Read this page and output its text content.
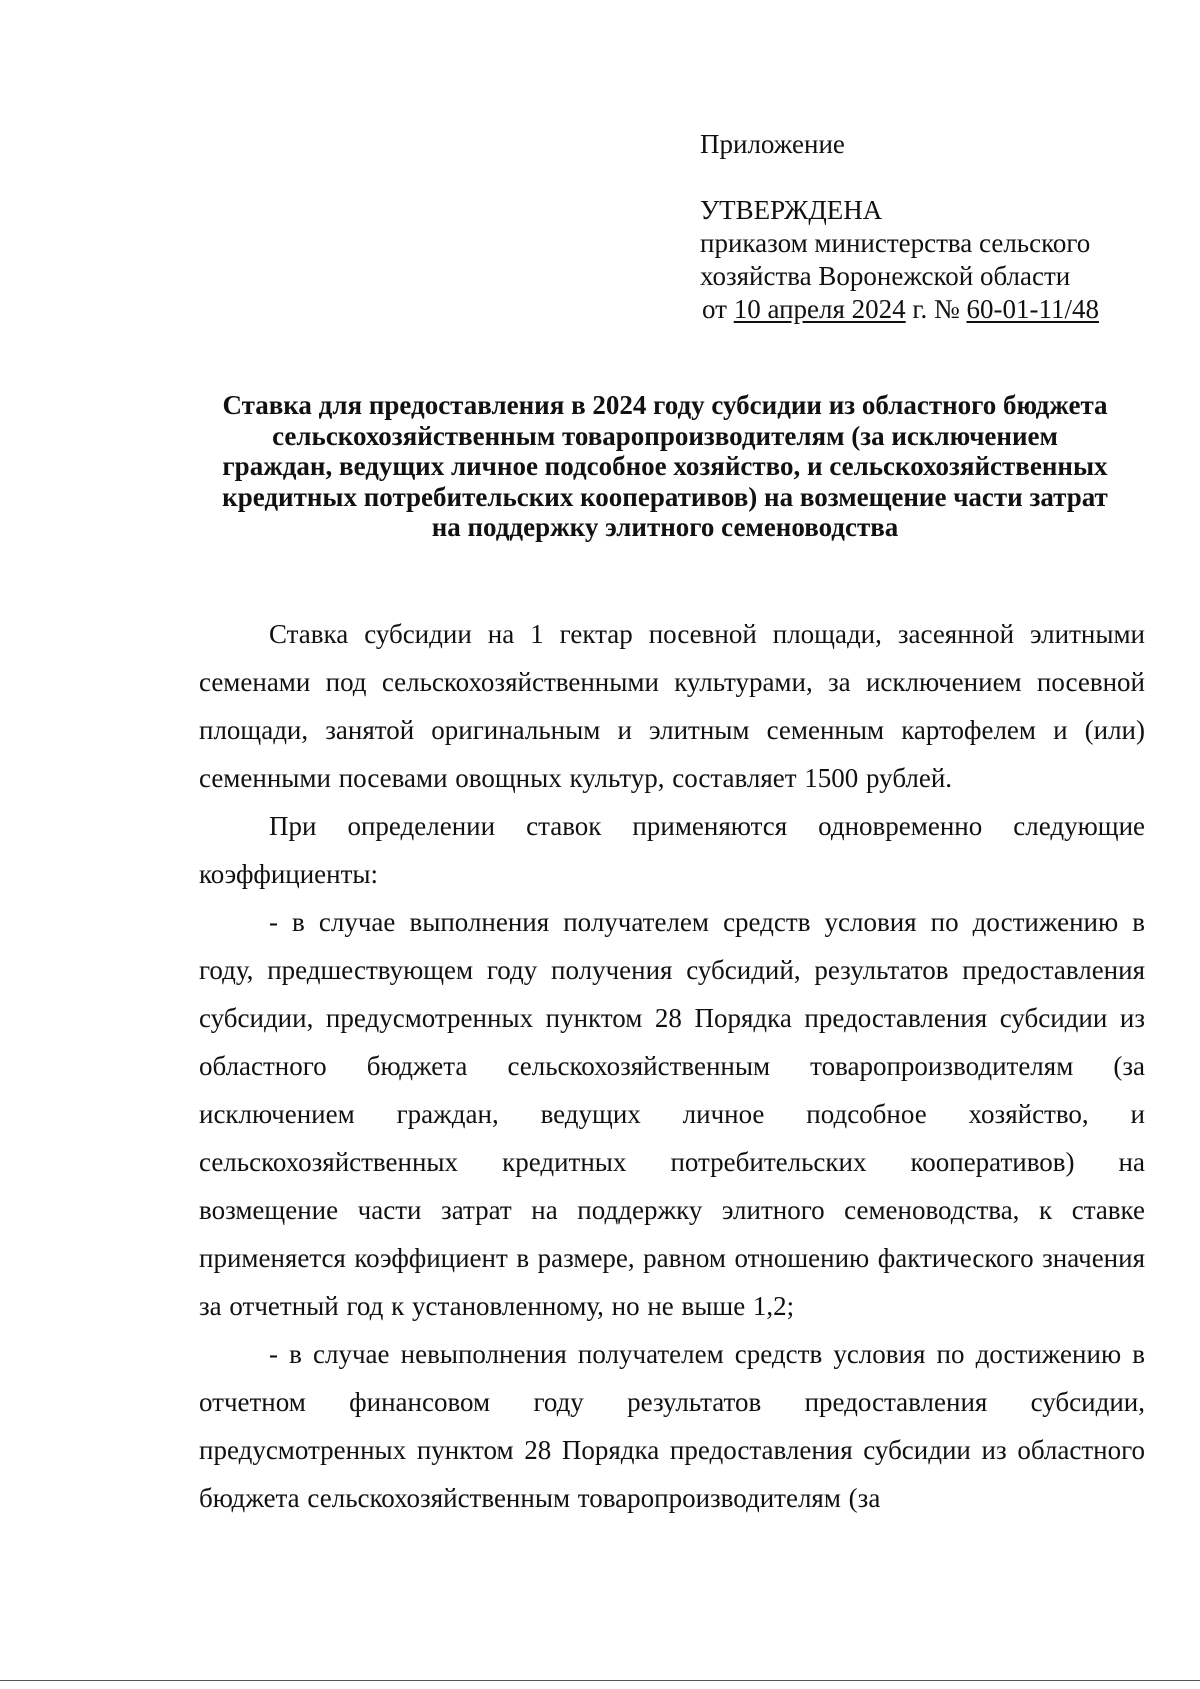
Приложение
УТВЕРЖДЕНА
приказом министерства сельского
хозяйства Воронежской области
от 10 апреля 2024 г. № 60-01-11/48
Ставка для предоставления в 2024 году субсидии из областного бюджета
сельскохозяйственным товаропроизводителям (за исключением
граждан, ведущих личное подсобное хозяйство, и сельскохозяйственных
кредитных потребительских кооперативов) на возмещение части затрат
на поддержку элитного семеноводства

Ставка субсидии на 1 гектар посевной площади, засеянной элитными семенами под сельскохозяйственными культурами, за исключением посевной площади, занятой оригинальным и элитным семенным картофелем и (или) семенными посевами овощных культур, составляет 1500 рублей.

При определении ставок применяются одновременно следующие коэффициенты:

- в случае выполнения получателем средств условия по достижению в году, предшествующем году получения субсидий, результатов предоставления субсидии, предусмотренных пунктом 28 Порядка предоставления субсидии из областного бюджета сельскохозяйственным товаропроизводителям (за исключением граждан, ведущих личное подсобное хозяйство, и сельскохозяйственных кредитных потребительских кооперативов) на возмещение части затрат на поддержку элитного семеноводства, к ставке применяется коэффициент в размере, равном отношению фактического значения за отчетный год к установленному, но не выше 1,2;

- в случае невыполнения получателем средств условия по достижению в отчетном финансовом году результатов предоставления субсидии, предусмотренных пунктом 28 Порядка предоставления субсидии из областного бюджета сельскохозяйственным товаропроизводителям (за
